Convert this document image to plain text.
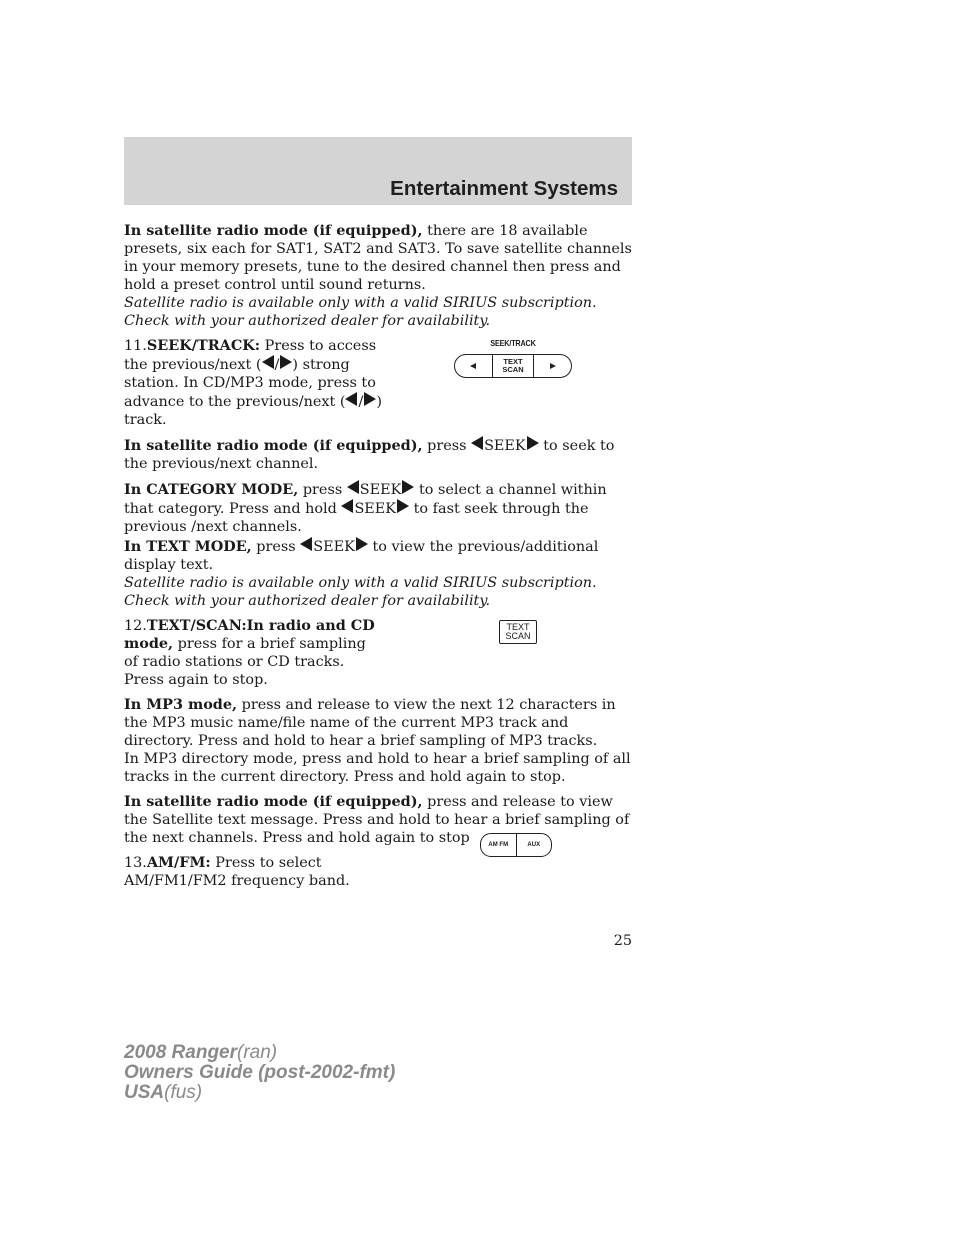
Entertainment Systems

In satellite radio mode (if equipped), there are 18 available presets, six each for SAT1, SAT2 and SAT3. To save satellite channels in your memory presets, tune to the desired channel then press and hold a preset control until sound returns.
Satellite radio is available only with a valid SIRIUS subscription.
Check with your authorized dealer for availability.

11.SEEK/TRACK: Press to access the previous/next ( / ) strong station. In CD/MP3 mode, press to advance to the previous/next ( / ) track.

In satellite radio mode (if equipped), press SEEK to seek to the previous/next channel.

In CATEGORY MODE, press SEEK to select a channel within that category. Press and hold SEEK to fast seek through the previous /next channels.

In TEXT MODE, press SEEK to view the previous/additional display text.
Satellite radio is available only with a valid SIRIUS subscription.
Check with your authorized dealer for availability.

12.TEXT/SCAN:In radio and CD mode, press for a brief sampling of radio stations or CD tracks. Press again to stop.

In MP3 mode, press and release to view the next 12 characters in the MP3 music name/file name of the current MP3 track and directory. Press and hold to hear a brief sampling of MP3 tracks.
In MP3 directory mode, press and hold to hear a brief sampling of all tracks in the current directory. Press and hold again to stop.

In satellite radio mode (if equipped), press and release to view the Satellite text message. Press and hold to hear a brief sampling of the next channels. Press and hold again to stop

13.AM/FM: Press to select AM/FM1/FM2 frequency band.

SEEK/TRACK
TEXT
SCAN
TEXT
SCAN
AM FM	AUX
25
2008 Ranger(ran)
Owners Guide (post-2002-fmt)
USA(fus)
